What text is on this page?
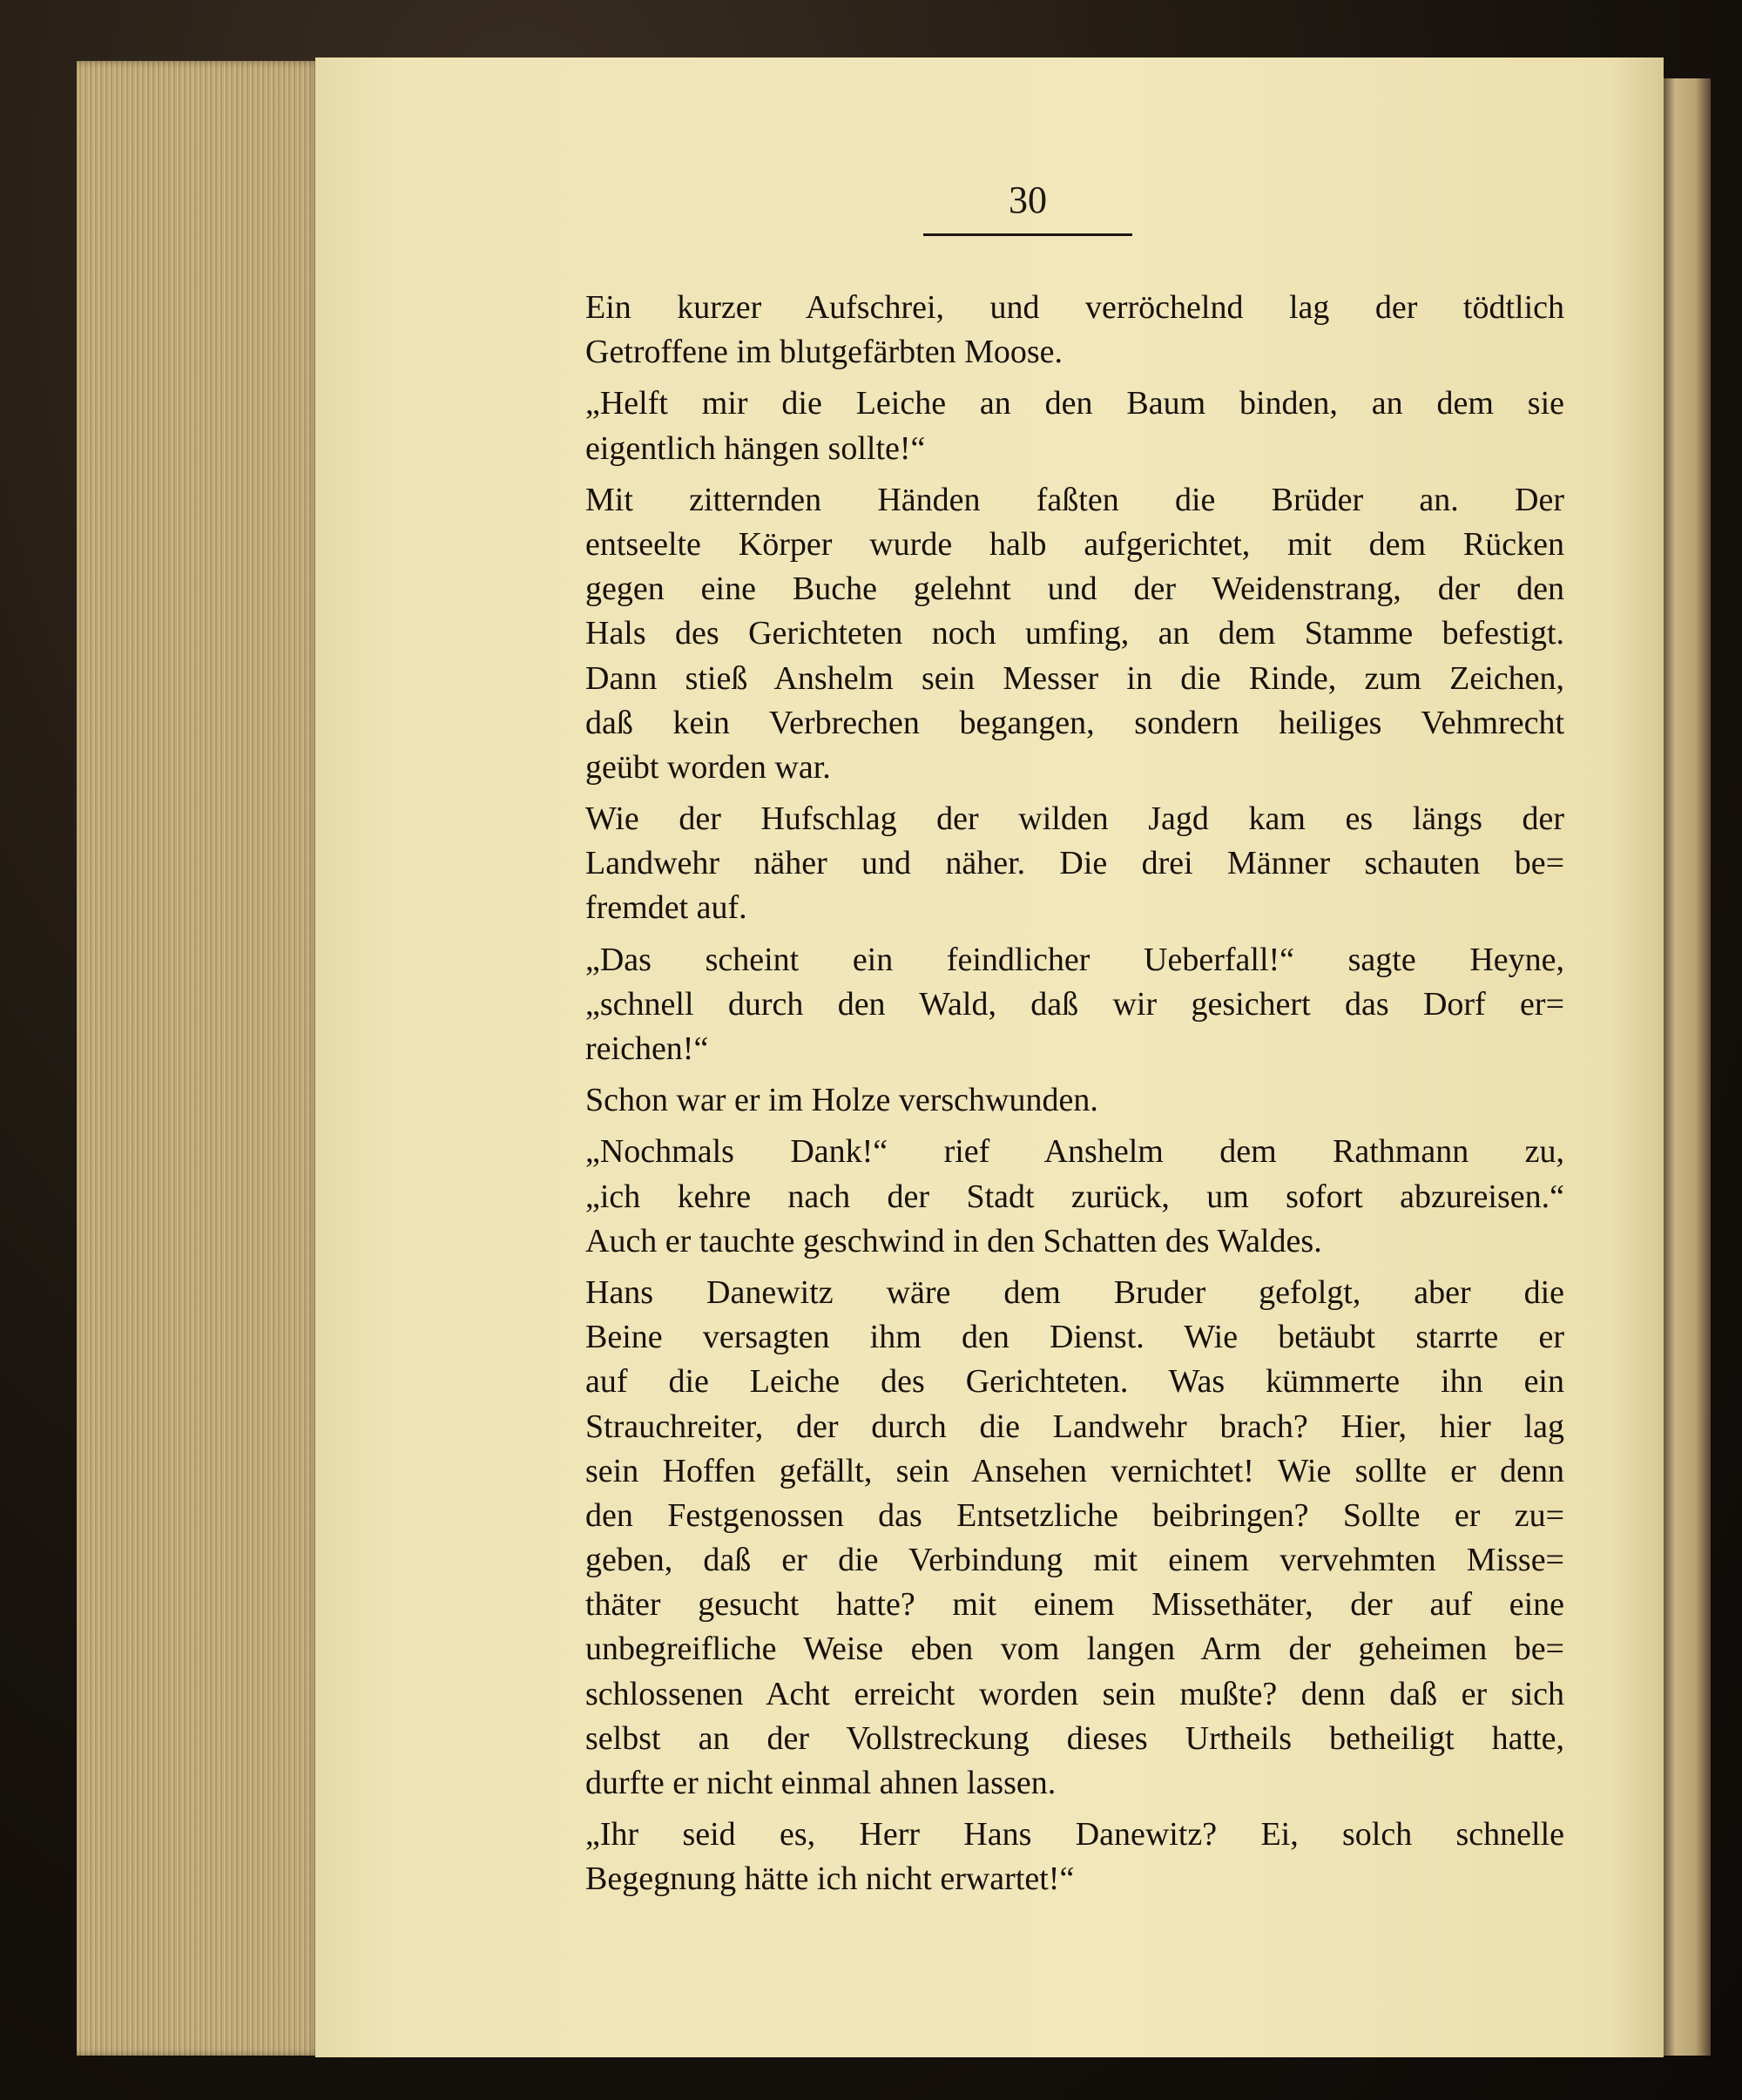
30
Ein kurzer Aufschrei, und verröchelnd lag der tödtlich
Getroffene im blutgefärbten Moose.
„Helft mir die Leiche an den Baum binden, an dem sie
eigentlich hängen sollte!“
Mit zitternden Händen faßten die Brüder an. Der
entseelte Körper wurde halb aufgerichtet, mit dem Rücken
gegen eine Buche gelehnt und der Weidenstrang, der den
Hals des Gerichteten noch umfing, an dem Stamme befestigt.
Dann stieß Anshelm sein Messer in die Rinde, zum Zeichen,
daß kein Verbrechen begangen, sondern heiliges Vehmrecht
geübt worden war.
Wie der Hufschlag der wilden Jagd kam es längs der
Landwehr näher und näher. Die drei Männer schauten be=
fremdet auf.
„Das scheint ein feindlicher Ueberfall!“ sagte Heyne,
„schnell durch den Wald, daß wir gesichert das Dorf er=
reichen!“
Schon war er im Holze verschwunden.
„Nochmals Dank!“ rief Anshelm dem Rathmann zu,
„ich kehre nach der Stadt zurück, um sofort abzureisen.“
Auch er tauchte geschwind in den Schatten des Waldes.
Hans Danewitz wäre dem Bruder gefolgt, aber die
Beine versagten ihm den Dienst. Wie betäubt starrte er
auf die Leiche des Gerichteten. Was kümmerte ihn ein
Strauchreiter, der durch die Landwehr brach? Hier, hier lag
sein Hoffen gefällt, sein Ansehen vernichtet! Wie sollte er denn
den Festgenossen das Entsetzliche beibringen? Sollte er zu=
geben, daß er die Verbindung mit einem vervehmten Misse=
thäter gesucht hatte? mit einem Missethäter, der auf eine
unbegreifliche Weise eben vom langen Arm der geheimen be=
schlossenen Acht erreicht worden sein mußte? denn daß er sich
selbst an der Vollstreckung dieses Urtheils betheiligt hatte,
durfte er nicht einmal ahnen lassen.
„Ihr seid es, Herr Hans Danewitz? Ei, solch schnelle
Begegnung hätte ich nicht erwartet!“
